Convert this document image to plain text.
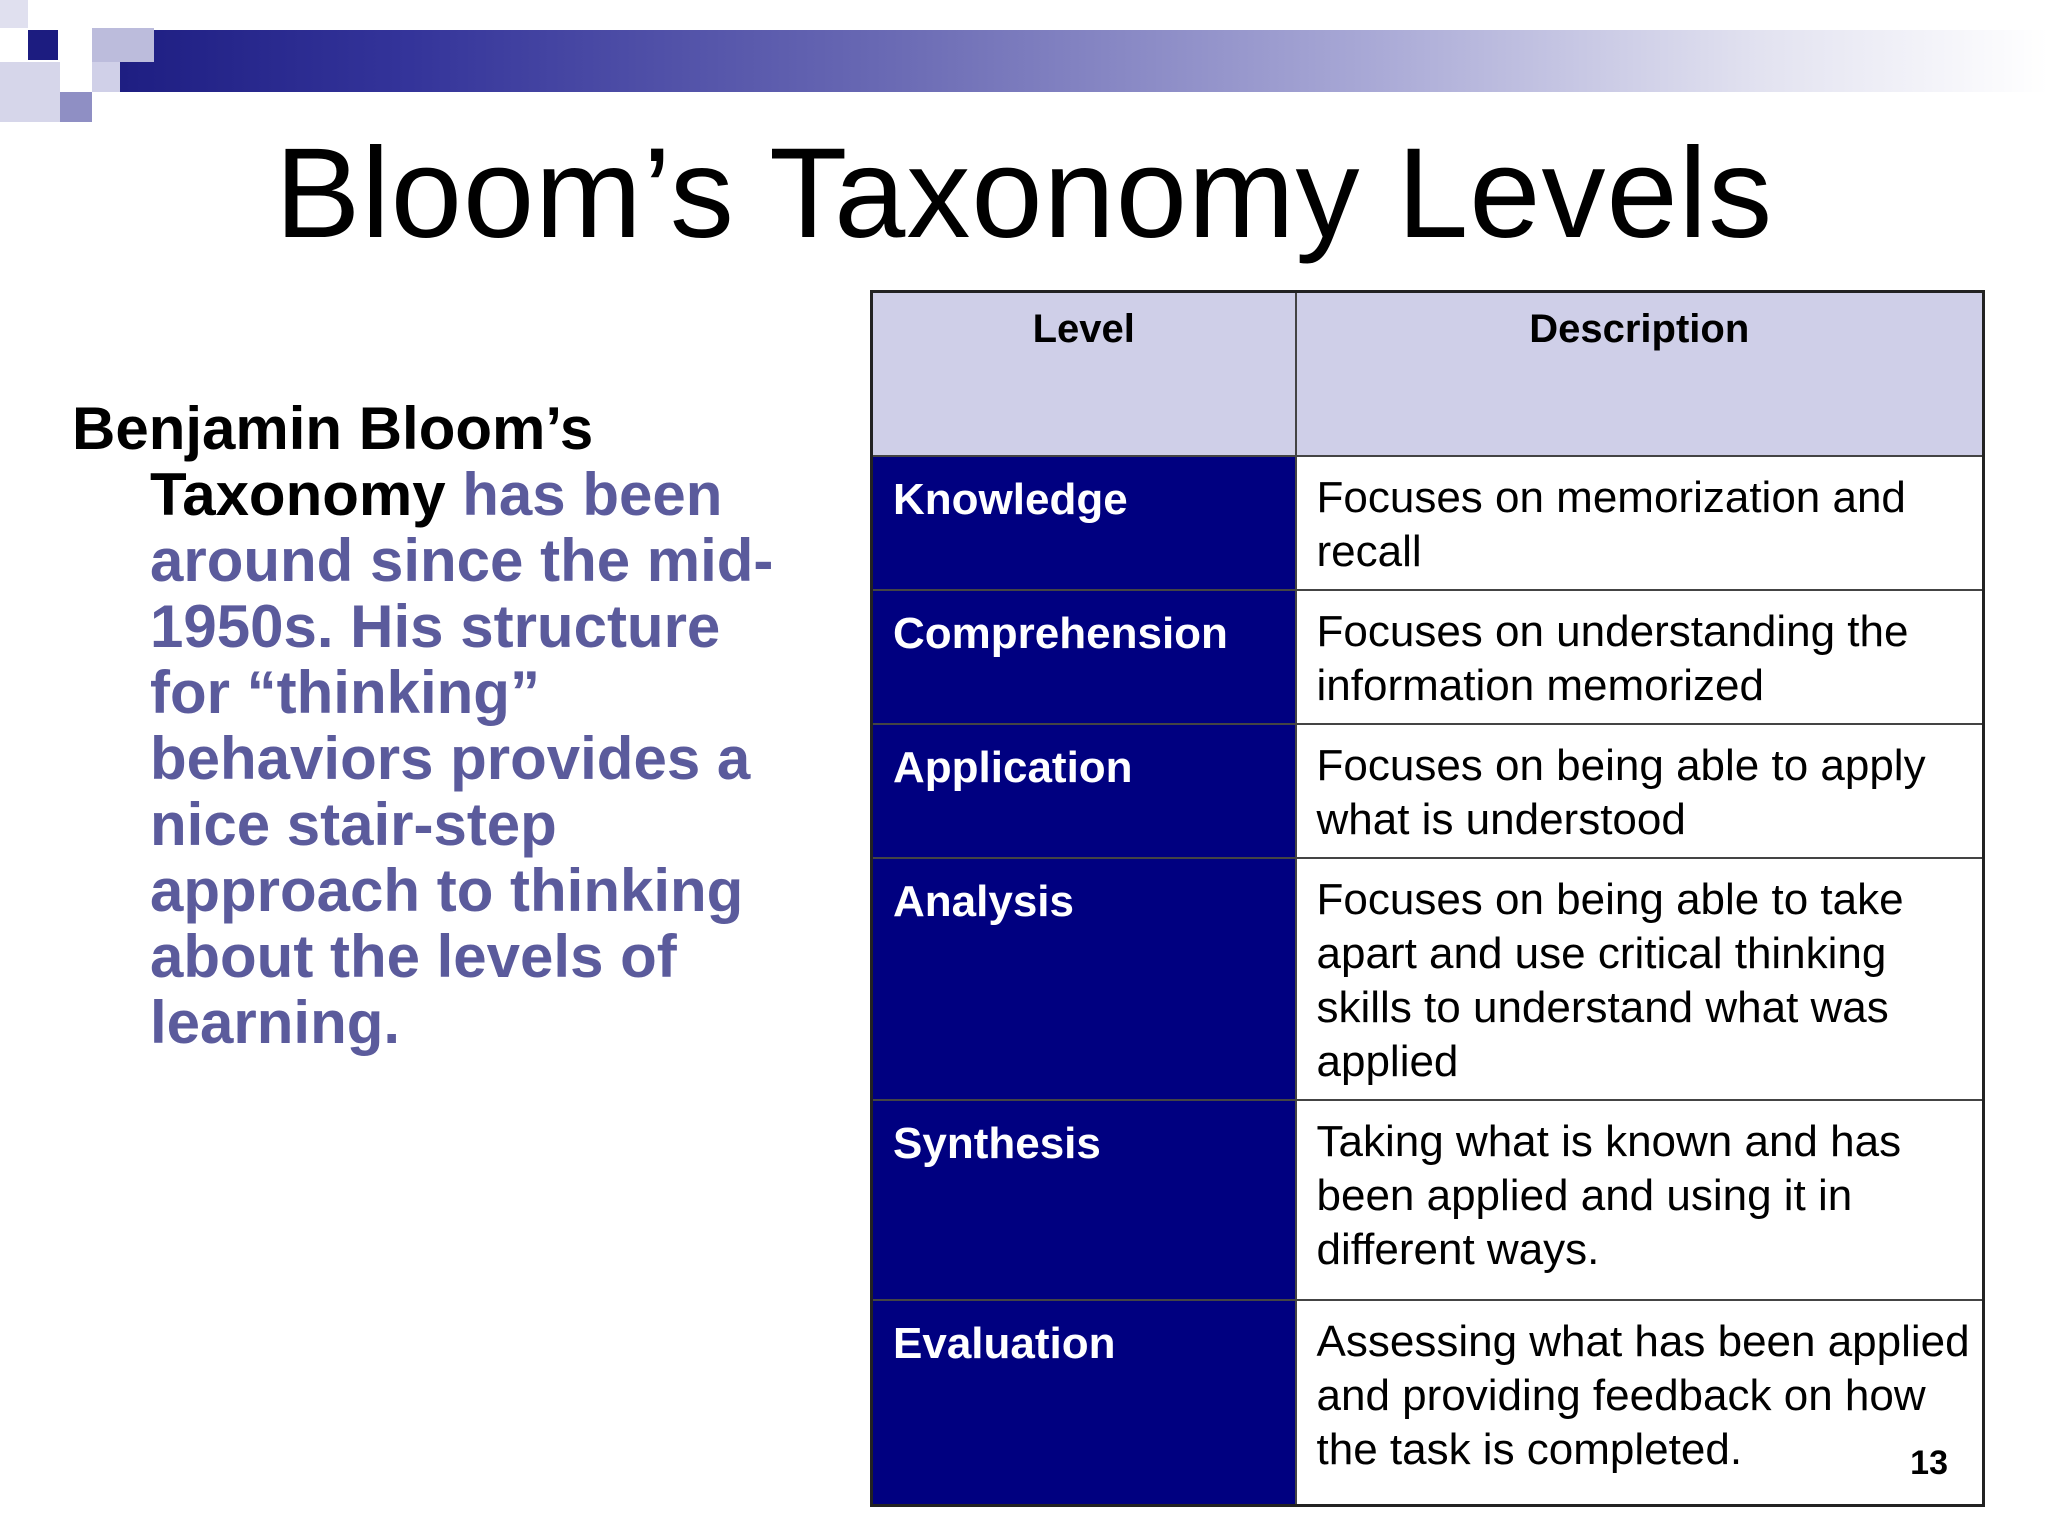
Bloom’s Taxonomy Levels

Benjamin Bloom’s Taxonomy has been around since the mid-1950s. His structure for “thinking” behaviors provides a nice stair-step approach to thinking about the levels of learning.

Level	Description
Knowledge	Focuses on memorization and recall
Comprehension	Focuses on understanding the information memorized
Application	Focuses on being able to apply what is understood
Analysis	Focuses on being able to take apart and use critical thinking skills to understand what was applied
Synthesis	Taking what is known and has been applied and using it in different ways.
Evaluation	Assessing what has been applied and providing feedback on how the task is completed.	13
